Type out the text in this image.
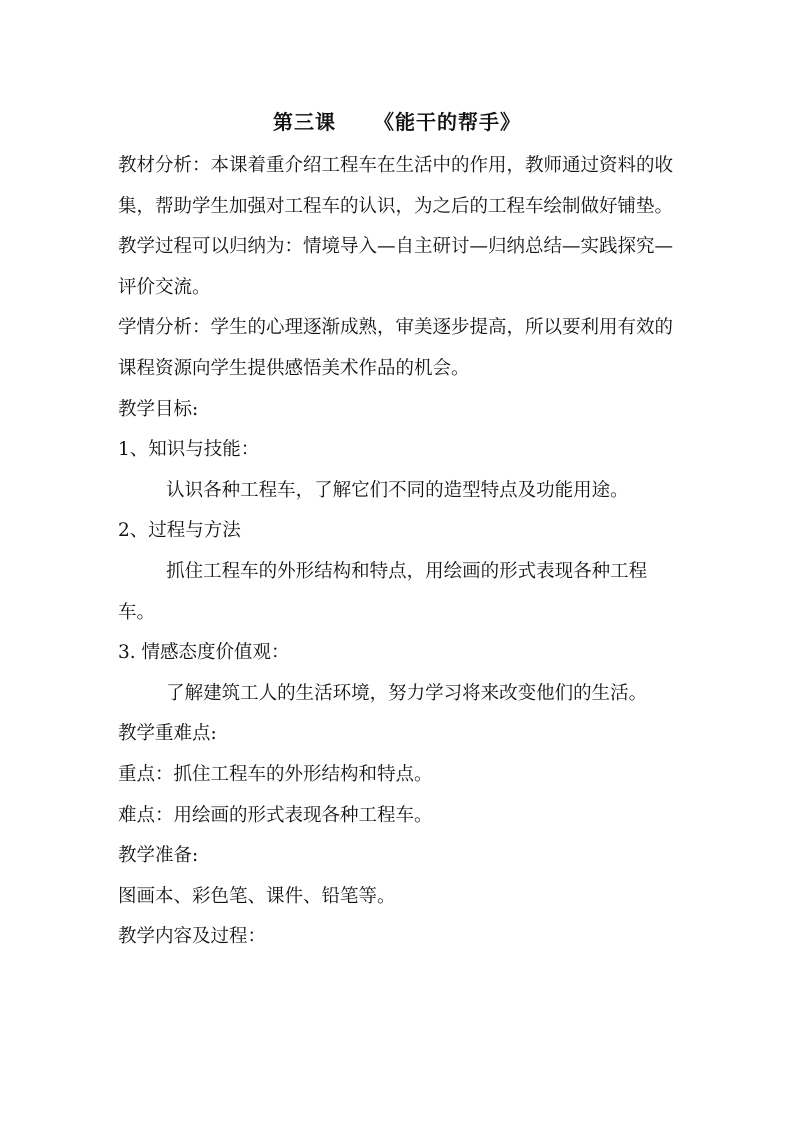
第三课 《能干的帮手》

教材分析：本课着重介绍工程车在生活中的作用，教师通过资料的收集，帮助学生加强对工程车的认识，为之后的工程车绘制做好铺垫。教学过程可以归纳为：情境导入—自主研讨—归纳总结—实践探究—评价交流。

学情分析：学生的心理逐渐成熟，审美逐步提高，所以要利用有效的课程资源向学生提供感悟美术作品的机会。

教学目标:

1、知识与技能：

认识各种工程车，了解它们不同的造型特点及功能用途。

2、过程与方法

抓住工程车的外形结构和特点，用绘画的形式表现各种工程车。

3. 情感态度价值观：

了解建筑工人的生活环境，努力学习将来改变他们的生活。

教学重难点:

重点：抓住工程车的外形结构和特点。

难点：用绘画的形式表现各种工程车。

教学准备:

图画本、彩色笔、课件、铅笔等。

教学内容及过程：
